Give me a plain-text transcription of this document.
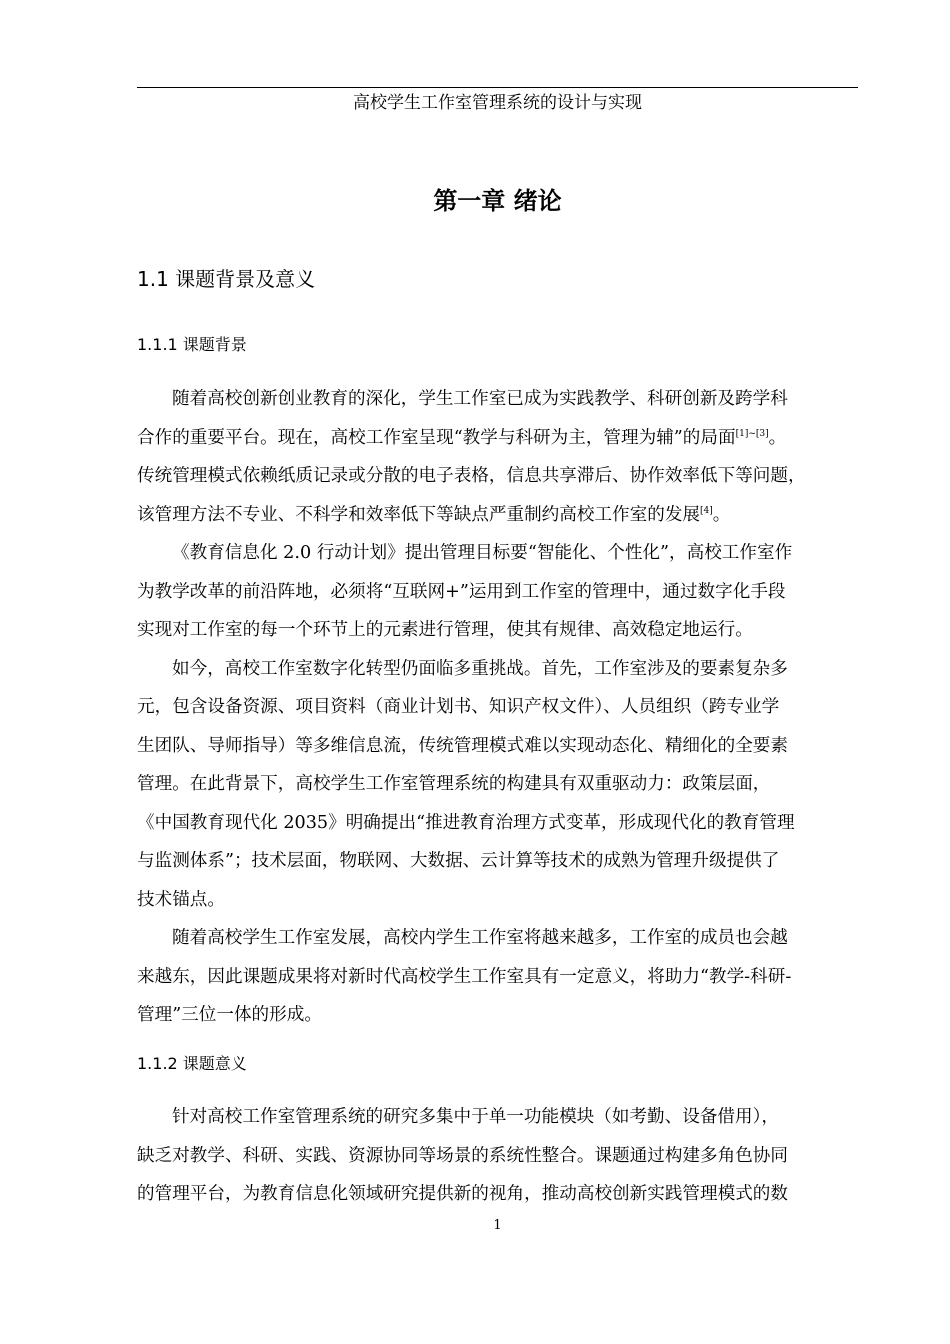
高校学生工作室管理系统的设计与实现
第一章 绪论
1.1 课题背景及意义
1.1.1 课题背景
随着高校创新创业教育的深化，学生工作室已成为实践教学、科研创新及跨学科
合作的重要平台。现在，高校工作室呈现“教学与科研为主，管理为辅”的局面[1]~[3]。
传统管理模式依赖纸质记录或分散的电子表格，信息共享滞后、协作效率低下等问题，
该管理方法不专业、不科学和效率低下等缺点严重制约高校工作室的发展[4]。
《教育信息化 2.0 行动计划》提出管理目标要“智能化、个性化”，高校工作室作
为教学改革的前沿阵地，必须将“互联网+”运用到工作室的管理中，通过数字化手段
实现对工作室的每一个环节上的元素进行管理，使其有规律、高效稳定地运行。
如今，高校工作室数字化转型仍面临多重挑战。首先，工作室涉及的要素复杂多
元，包含设备资源、项目资料（商业计划书、知识产权文件）、人员组织（跨专业学
生团队、导师指导）等多维信息流，传统管理模式难以实现动态化、精细化的全要素
管理。在此背景下，高校学生工作室管理系统的构建具有双重驱动力：政策层面，
《中国教育现代化 2035》明确提出“推进教育治理方式变革，形成现代化的教育管理
与监测体系”；技术层面，物联网、大数据、云计算等技术的成熟为管理升级提供了
技术锚点。
随着高校学生工作室发展，高校内学生工作室将越来越多，工作室的成员也会越
来越东，因此课题成果将对新时代高校学生工作室具有一定意义，将助力“教学-科研-
管理”三位一体的形成。
1.1.2 课题意义
针对高校工作室管理系统的研究多集中于单一功能模块（如考勤、设备借用），
缺乏对教学、科研、实践、资源协同等场景的系统性整合。课题通过构建多角色协同
的管理平台，为教育信息化领域研究提供新的视角，推动高校创新实践管理模式的数
1
